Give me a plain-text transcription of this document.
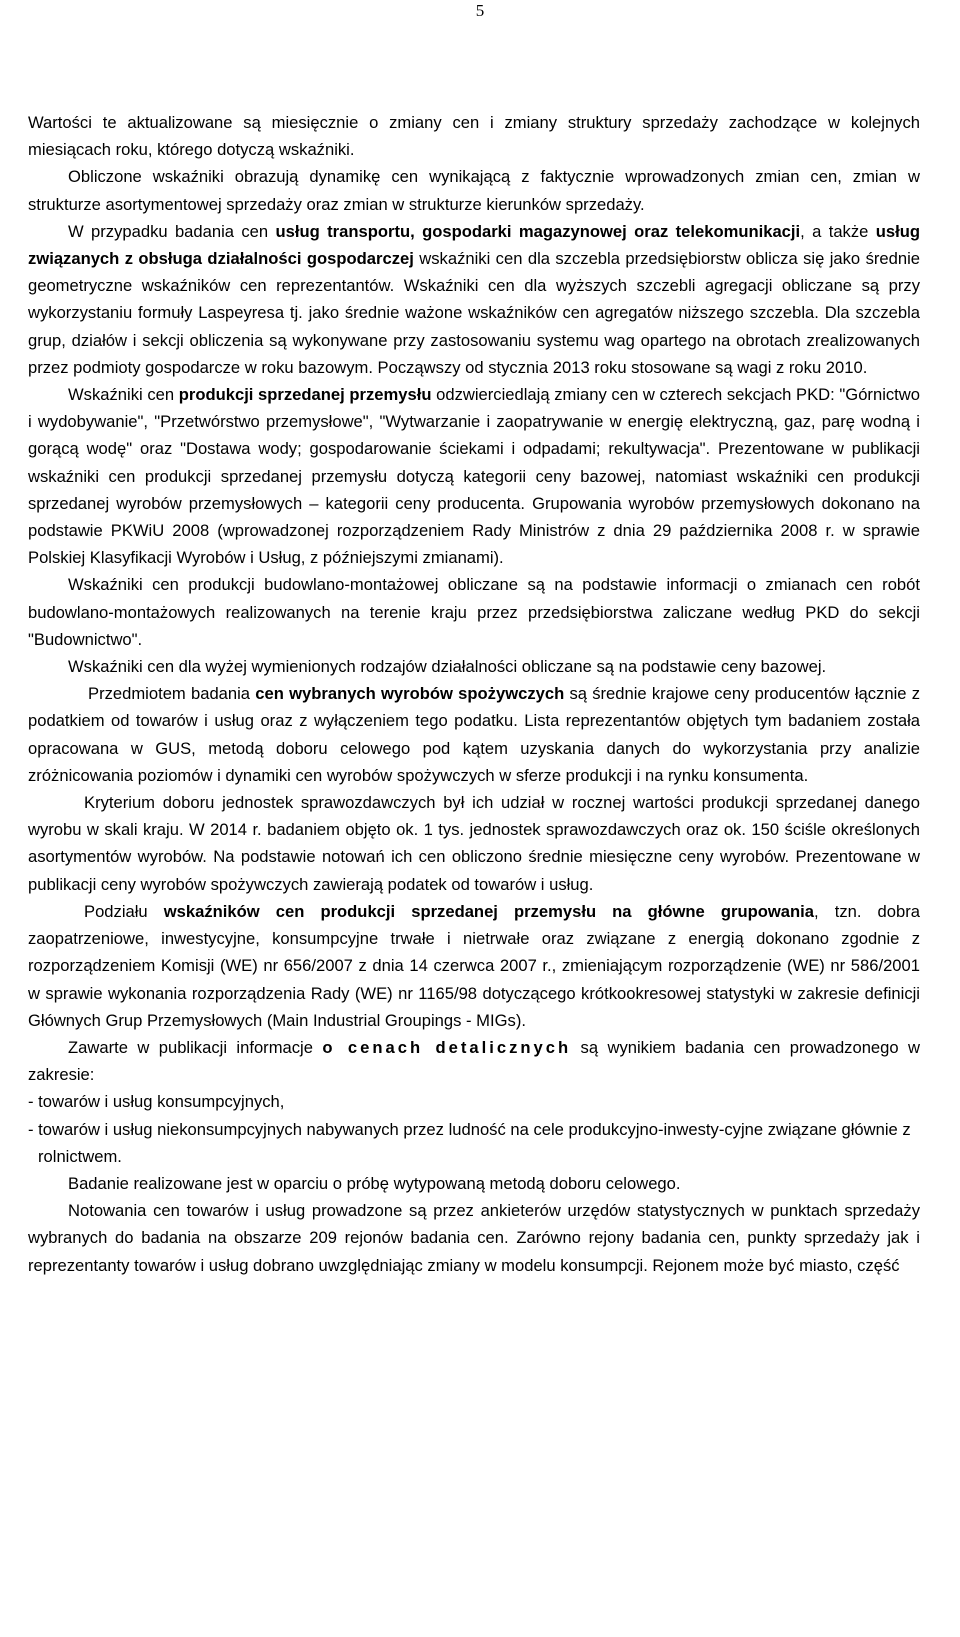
5

Wartości te aktualizowane są miesięcznie o zmiany cen i zmiany struktury sprzedaży zachodzące w kolejnych miesiącach roku, którego dotyczą wskaźniki.

Obliczone wskaźniki obrazują dynamikę cen wynikającą z faktycznie wprowadzonych zmian cen, zmian w strukturze asortymentowej sprzedaży oraz zmian w strukturze kierunków sprzedaży.

W przypadku badania cen usług transportu, gospodarki magazynowej oraz telekomunikacji, a także usług związanych z obsługa działalności gospodarczej wskaźniki cen dla szczebla przedsiębiorstw oblicza się jako średnie geometryczne wskaźników cen reprezentantów. Wskaźniki cen dla wyższych szczebli agregacji obliczane są przy wykorzystaniu formuły Laspeyresa tj. jako średnie ważone wskaźników cen agregatów niższego szczebla. Dla szczebla grup, działów i sekcji obliczenia są wykonywane przy zastosowaniu systemu wag opartego na obrotach zrealizowanych przez podmioty gospodarcze w roku bazowym. Począwszy od stycznia 2013 roku stosowane są wagi z roku 2010.

Wskaźniki cen produkcji sprzedanej przemysłu odzwierciedlają zmiany cen w czterech sekcjach PKD: "Górnictwo i wydobywanie", "Przetwórstwo przemysłowe", "Wytwarzanie i zaopatrywanie w energię elektryczną, gaz, parę wodną i gorącą wodę" oraz "Dostawa wody; gospodarowanie ściekami i odpadami; rekultywacja". Prezentowane w publikacji wskaźniki cen produkcji sprzedanej przemysłu dotyczą kategorii ceny bazowej, natomiast wskaźniki cen produkcji sprzedanej wyrobów przemysłowych – kategorii ceny producenta. Grupowania wyrobów przemysłowych dokonano na podstawie PKWiU 2008 (wprowadzonej rozporządzeniem Rady Ministrów z dnia 29 października 2008 r. w sprawie Polskiej Klasyfikacji Wyrobów i Usług, z późniejszymi zmianami).

Wskaźniki cen produkcji budowlano-montażowej obliczane są na podstawie informacji o zmianach cen robót budowlano-montażowych realizowanych na terenie kraju przez przedsiębiorstwa zaliczane według PKD do sekcji "Budownictwo".

Wskaźniki cen dla wyżej wymienionych rodzajów działalności obliczane są na podstawie ceny bazowej.

Przedmiotem badania cen wybranych wyrobów spożywczych są średnie krajowe ceny producentów łącznie z podatkiem od towarów i usług oraz z wyłączeniem tego podatku. Lista reprezentantów objętych tym badaniem została opracowana w GUS, metodą doboru celowego pod kątem uzyskania danych do wykorzystania przy analizie zróżnicowania poziomów i dynamiki cen wyrobów spożywczych w sferze produkcji i na rynku konsumenta.

Kryterium doboru jednostek sprawozdawczych był ich udział w rocznej wartości produkcji sprzedanej danego wyrobu w skali kraju. W 2014 r. badaniem objęto ok. 1 tys. jednostek sprawozdawczych oraz ok. 150 ściśle określonych asortymentów wyrobów. Na podstawie notowań ich cen obliczono średnie miesięczne ceny wyrobów. Prezentowane w publikacji ceny wyrobów spożywczych zawierają podatek od towarów i usług.

Podziału wskaźników cen produkcji sprzedanej przemysłu na główne grupowania, tzn. dobra zaopatrzeniowe, inwestycyjne, konsumpcyjne trwałe i nietrwałe oraz związane z energią dokonano zgodnie z rozporządzeniem Komisji (WE) nr 656/2007 z dnia 14 czerwca 2007 r., zmieniającym rozporządzenie (WE) nr 586/2001 w sprawie wykonania rozporządzenia Rady (WE) nr 1165/98 dotyczącego krótkookresowej statystyki w zakresie definicji Głównych Grup Przemysłowych (Main Industrial Groupings - MIGs).

Zawarte w publikacji informacje o cenach detalicznych są wynikiem badania cen prowadzonego w zakresie:

- towarów i usług konsumpcyjnych,

- towarów i usług niekonsumpcyjnych nabywanych przez ludność na cele produkcyjno-inwesty-cyjne związane głównie z rolnictwem.

Badanie realizowane jest w oparciu o próbę wytypowaną metodą doboru celowego.

Notowania cen towarów i usług prowadzone są przez ankieterów urzędów statystycznych w punktach sprzedaży wybranych do badania na obszarze 209 rejonów badania cen. Zarówno rejony badania cen, punkty sprzedaży jak i reprezentanty towarów i usług dobrano uwzględniając zmiany w modelu konsumpcji. Rejonem może być miasto, część
